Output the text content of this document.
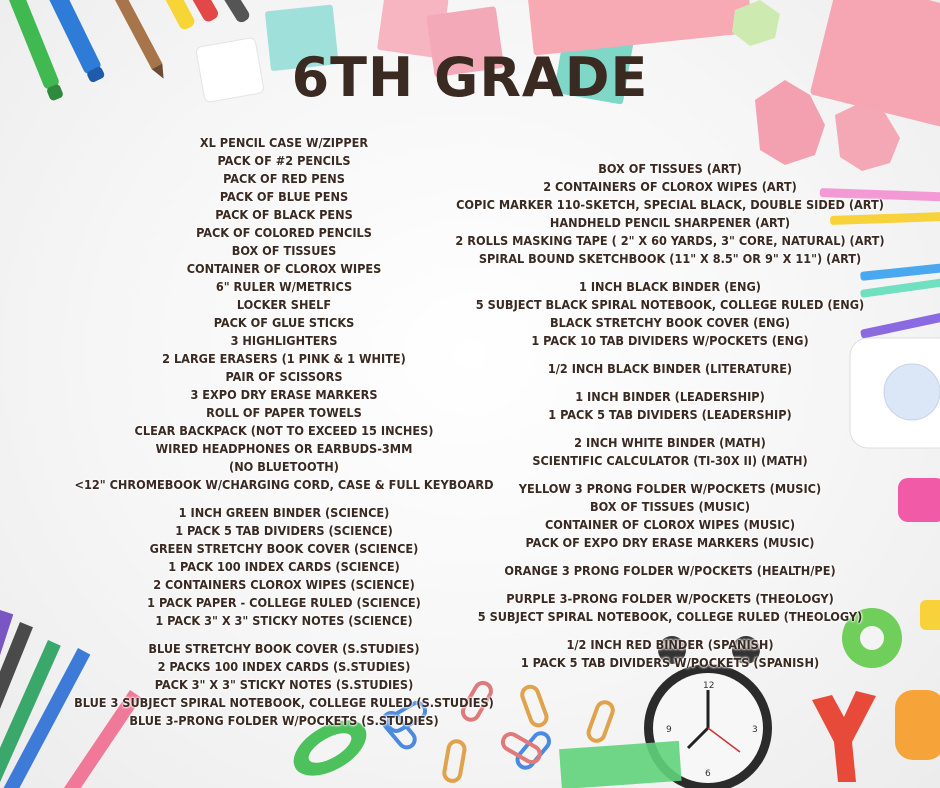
12
3
9
6
6TH GRADE
XL PENCIL CASE W/ZIPPER
PACK OF #2 PENCILS
PACK OF RED PENS
PACK OF BLUE PENS
PACK OF BLACK PENS
PACK OF COLORED PENCILS
BOX OF TISSUES
CONTAINER OF CLOROX WIPES
6" RULER W/METRICS
LOCKER SHELF
PACK OF GLUE STICKS
3 HIGHLIGHTERS
2 LARGE ERASERS (1 PINK & 1 WHITE)
PAIR OF SCISSORS
3 EXPO DRY ERASE MARKERS
ROLL OF PAPER TOWELS
CLEAR BACKPACK (NOT TO EXCEED 15 INCHES)
WIRED HEADPHONES OR EARBUDS-3MM
(NO BLUETOOTH)
<12" CHROMEBOOK W/CHARGING CORD, CASE & FULL KEYBOARD
1 INCH GREEN BINDER (SCIENCE)
1 PACK 5 TAB DIVIDERS (SCIENCE)
GREEN STRETCHY BOOK COVER (SCIENCE)
1 PACK 100 INDEX CARDS (SCIENCE)
2 CONTAINERS CLOROX WIPES (SCIENCE)
1 PACK PAPER - COLLEGE RULED (SCIENCE)
1 PACK 3" X 3" STICKY NOTES (SCIENCE)
BLUE STRETCHY BOOK COVER (S.STUDIES)
2 PACKS 100 INDEX CARDS (S.STUDIES)
PACK 3" X 3" STICKY NOTES (S.STUDIES)
BLUE 3 SUBJECT SPIRAL NOTEBOOK, COLLEGE RULED (S.STUDIES)
BLUE 3-PRONG FOLDER W/POCKETS (S.STUDIES)
BOX OF TISSUES (ART)
2 CONTAINERS OF CLOROX WIPES (ART)
COPIC MARKER 110-SKETCH, SPECIAL BLACK, DOUBLE SIDED (ART)
HANDHELD PENCIL SHARPENER (ART)
2 ROLLS MASKING TAPE ( 2" X 60 YARDS, 3" CORE, NATURAL) (ART)
SPIRAL BOUND SKETCHBOOK (11" X 8.5" OR 9" X 11") (ART)
1 INCH BLACK BINDER (ENG)
5 SUBJECT BLACK SPIRAL NOTEBOOK, COLLEGE RULED (ENG)
BLACK STRETCHY BOOK COVER (ENG)
1 PACK 10 TAB DIVIDERS W/POCKETS (ENG)
1/2 INCH BLACK BINDER (LITERATURE)
1 INCH BINDER (LEADERSHIP)
1 PACK 5 TAB DIVIDERS (LEADERSHIP)
2 INCH WHITE BINDER (MATH)
SCIENTIFIC CALCULATOR (TI-30X II) (MATH)
YELLOW 3 PRONG FOLDER W/POCKETS (MUSIC)
BOX OF TISSUES (MUSIC)
CONTAINER OF CLOROX WIPES (MUSIC)
PACK OF EXPO DRY ERASE MARKERS (MUSIC)
ORANGE 3 PRONG FOLDER W/POCKETS (HEALTH/PE)
PURPLE 3-PRONG FOLDER W/POCKETS (THEOLOGY)
5 SUBJECT SPIRAL NOTEBOOK, COLLEGE RULED (THEOLOGY)
1/2 INCH RED BINDER (SPANISH)
1 PACK 5 TAB DIVIDERS W/POCKETS (SPANISH)
